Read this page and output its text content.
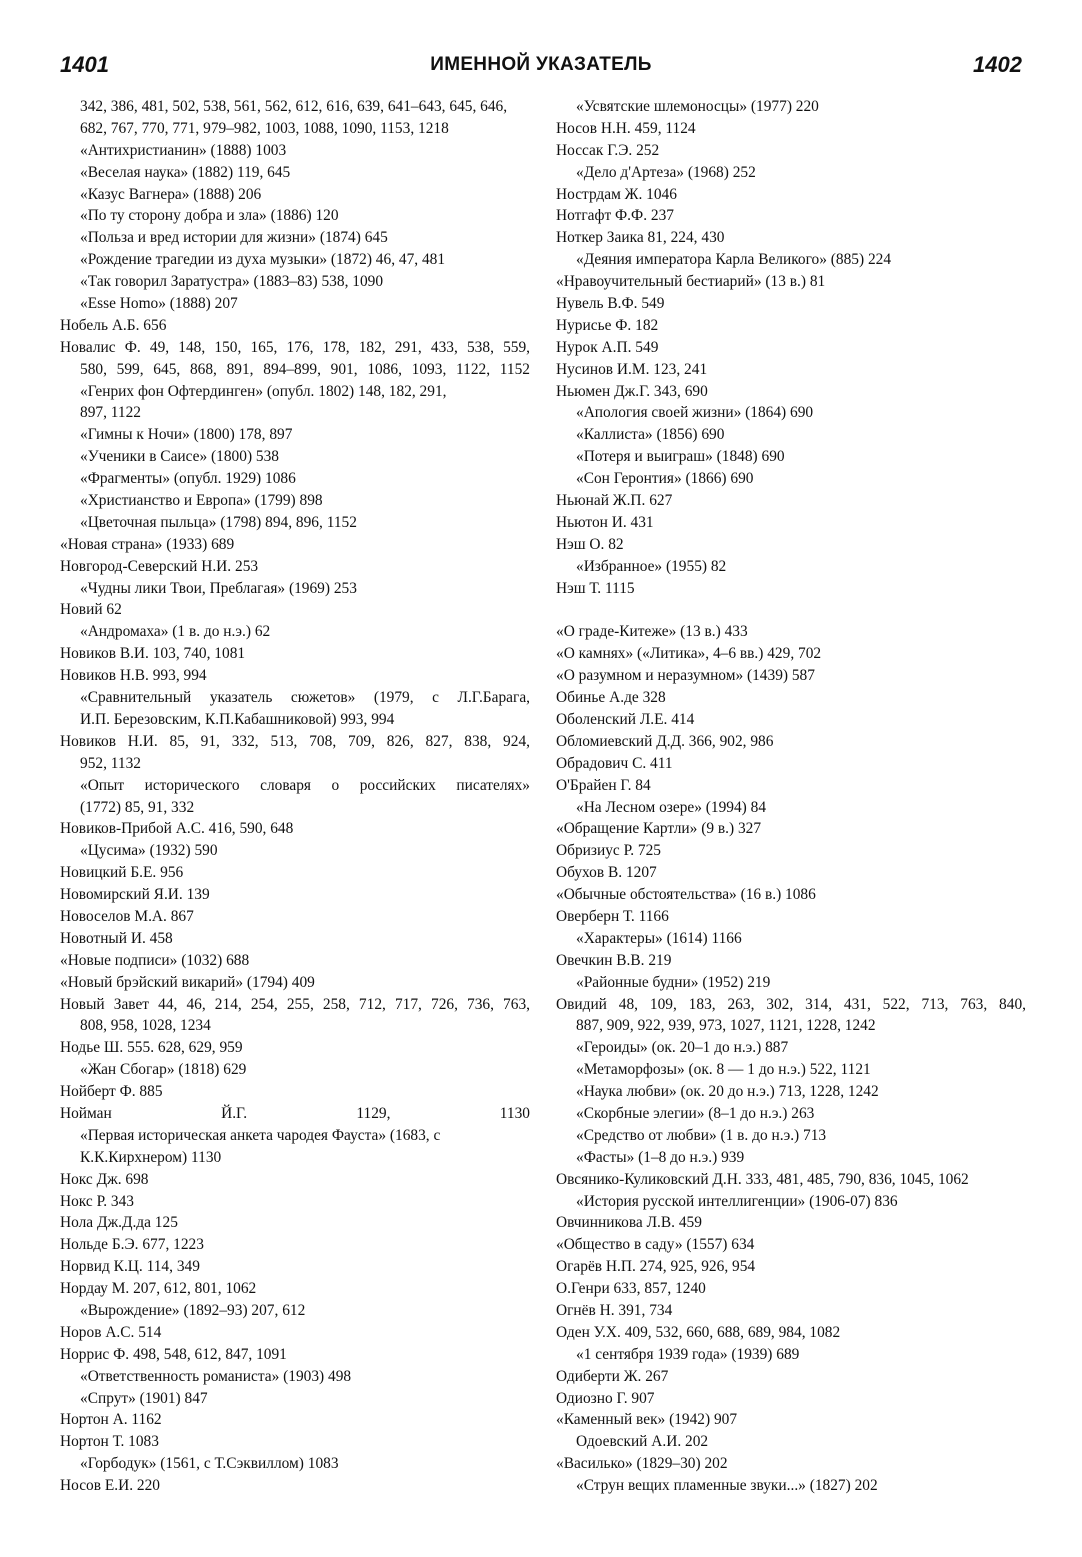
1401	ИМЕННОЙ УКАЗАТЕЛЬ	1402
342, 386, 481, 502, 538, 561, 562, 612, 616, 639, 641–643, 645, 646,
682, 767, 770, 771, 979–982, 1003, 1088, 1090, 1153, 1218
«Антихристианин» (1888) 1003
«Веселая наука» (1882) 119, 645
«Казус Вагнера» (1888) 206
«По ту сторону добра и зла» (1886) 120
«Польза и вред истории для жизни» (1874) 645
«Рождение трагедии из духа музыки» (1872) 46, 47, 481
«Так говорил Заратустра» (1883–83) 538, 1090
«Esse Homo» (1888) 207
Нобель А.Б. 656
Новалис Ф. 49, 148, 150, 165, 176, 178, 182, 291, 433, 538, 559,
580, 599, 645, 868, 891, 894–899, 901, 1086, 1093, 1122, 1152
«Генрих фон Офтердинген» (опубл. 1802) 148, 182, 291,
897, 1122
«Гимны к Ночи» (1800) 178, 897
«Ученики в Саисе» (1800) 538
«Фрагменты» (опубл. 1929) 1086
«Христианство и Европа» (1799) 898
«Цветочная пыльца» (1798) 894, 896, 1152
«Новая страна» (1933) 689
Новгород-Северский Н.И. 253
«Чудны лики Твои, Преблагая» (1969) 253
Новий 62
«Андромаха» (1 в. до н.э.) 62
Новиков В.И. 103, 740, 1081
Новиков Н.В. 993, 994
«Сравнительный указатель сюжетов» (1979, с Л.Г.Барага,
И.П. Березовским, К.П.Кабашниковой) 993, 994
Новиков Н.И. 85, 91, 332, 513, 708, 709, 826, 827, 838, 924,
952, 1132
«Опыт исторического словаря о российских писателях»
(1772) 85, 91, 332
Новиков-Прибой А.С. 416, 590, 648
«Цусима» (1932) 590
Новицкий Б.Е. 956
Новомирский Я.И. 139
Новоселов М.А. 867
Новотный И. 458
«Новые подписи» (1032) 688
«Новый брэйский викарий» (1794) 409
Новый Завет 44, 46, 214, 254, 255, 258, 712, 717, 726, 736, 763,
808, 958, 1028, 1234
Нодье Ш. 555. 628, 629, 959
«Жан Сбогар» (1818) 629
Нойберт Ф. 885
Нойман Й.Г. 1129, 1130
«Первая историческая анкета чародея Фауста» (1683, с
К.К.Кирхнером) 1130
Нокс Дж. 698
Нокс Р. 343
Нола Дж.Д.да 125
Нольде Б.Э. 677, 1223
Норвид К.Ц. 114, 349
Нордау М. 207, 612, 801, 1062
«Вырождение» (1892–93) 207, 612
Норов А.С. 514
Норрис Ф. 498, 548, 612, 847, 1091
«Ответственность романиста» (1903) 498
«Спрут» (1901) 847
Нортон А. 1162
Нортон Т. 1083
«Горбодук» (1561, с Т.Сэквиллом) 1083
Носов Е.И. 220
«Усвятские шлемоносцы» (1977) 220
Носов Н.Н. 459, 1124
Носсак Г.Э. 252
«Дело д'Артеза» (1968) 252
Нострдам Ж. 1046
Нотгафт Ф.Ф. 237
Ноткер Заика 81, 224, 430
«Деяния императора Карла Великого» (885) 224
«Нравоучительный бестиарий» (13 в.) 81
Нувель В.Ф. 549
Нурисье Ф. 182
Нурок А.П. 549
Нусинов И.М. 123, 241
Ньюмен Дж.Г. 343, 690
«Апология своей жизни» (1864) 690
«Каллиста» (1856) 690
«Потеря и выиграш» (1848) 690
«Сон Геронтия» (1866) 690
Ньюнай Ж.П. 627
Ньютон И. 431
Нэш О. 82
«Избранное» (1955) 82
Нэш Т. 1115
«О граде-Китеже» (13 в.) 433
«О камнях» («Литика», 4–6 вв.) 429, 702
«О разумном и неразумном» (1439) 587
Обинье А.де 328
Оболенский Л.Е. 414
Обломиевский Д.Д. 366, 902, 986
Обрадович С. 411
О'Брайен Г. 84
«На Лесном озере» (1994) 84
«Обращение Картли» (9 в.) 327
Обризиус Р. 725
Обухов В. 1207
«Обычные обстоятельства» (16 в.) 1086
Оверберн Т. 1166
«Характеры» (1614) 1166
Овечкин В.В. 219
«Районные будни» (1952) 219
Овидий 48, 109, 183, 263, 302, 314, 431, 522, 713, 763, 840,
887, 909, 922, 939, 973, 1027, 1121, 1228, 1242
«Героиды» (ок. 20–1 до н.э.) 887
«Метаморфозы» (ок. 8 — 1 до н.э.) 522, 1121
«Наука любви» (ок. 20 до н.э.) 713, 1228, 1242
«Скорбные элегии» (8–1 до н.э.) 263
«Средство от любви» (1 в. до н.э.) 713
«Фасты» (1–8 до н.э.) 939
Овсянико-Куликовский Д.Н. 333, 481, 485, 790, 836, 1045, 1062
«История русской интеллигенции» (1906-07) 836
Овчинникова Л.В. 459
«Общество в саду» (1557) 634
Огарёв Н.П. 274, 925, 926, 954
О.Генри 633, 857, 1240
Огнёв Н. 391, 734
Оден У.Х. 409, 532, 660, 688, 689, 984, 1082
«1 сентября 1939 года» (1939) 689
Одиберти Ж. 267
Одиозно Г. 907
«Каменный век» (1942) 907
Одоевский А.И. 202
«Василько» (1829–30) 202
«Струн вещих пламенные звуки...» (1827) 202
